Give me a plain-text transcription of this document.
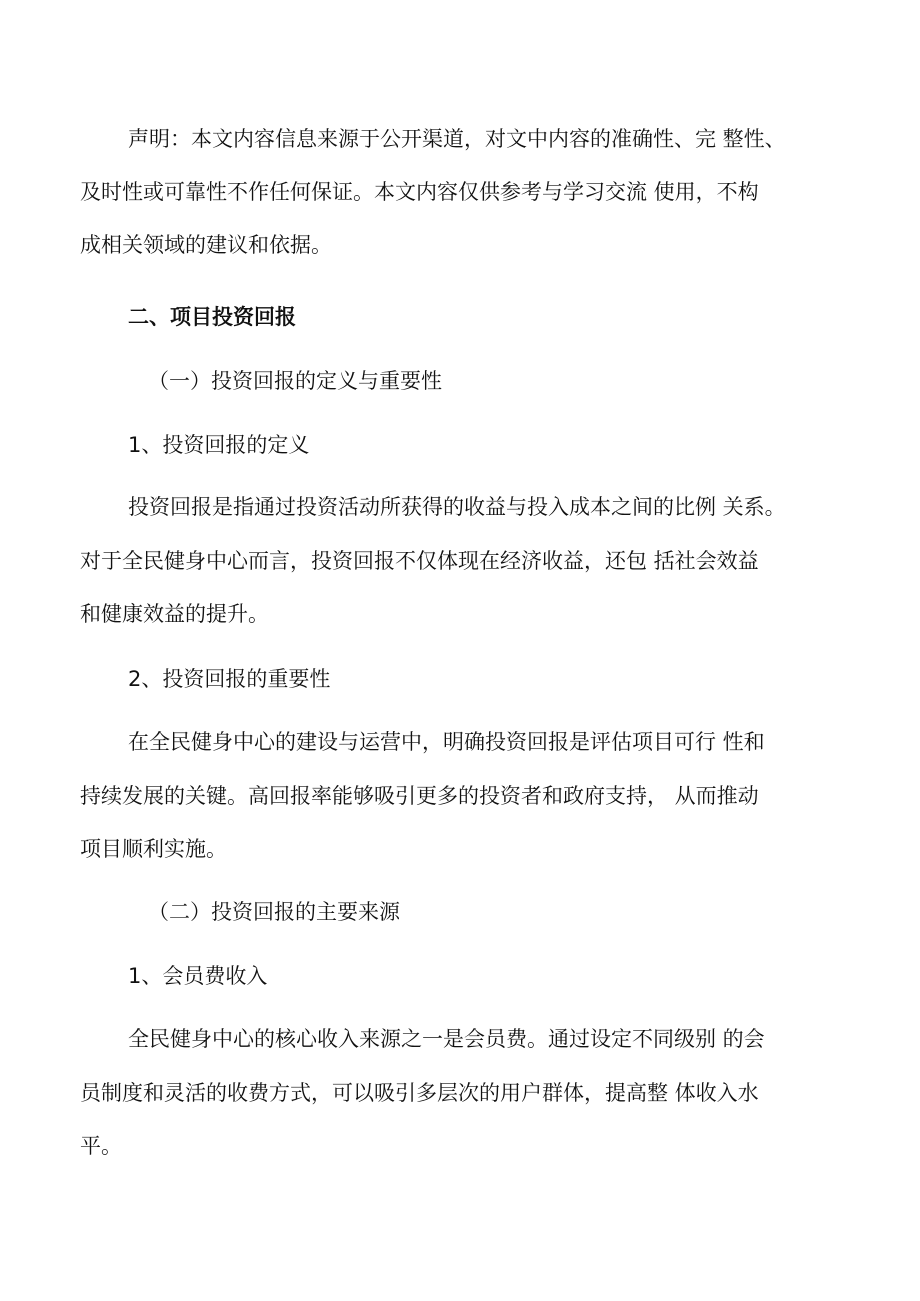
声明：本文内容信息来源于公开渠道，对文中内容的准确性、完 整性、
及时性或可靠性不作任何保证。本文内容仅供参考与学习交流 使用，不构
成相关领域的建议和依据。
二、项目投资回报
（一）投资回报的定义与重要性
1、投资回报的定义
投资回报是指通过投资活动所获得的收益与投入成本之间的比例 关系。
对于全民健身中心而言，投资回报不仅体现在经济收益，还包 括社会效益
和健康效益的提升。
2、投资回报的重要性
在全民健身中心的建设与运营中，明确投资回报是评估项目可行 性和
持续发展的关键。高回报率能够吸引更多的投资者和政府支持， 从而推动
项目顺利实施。
（二）投资回报的主要来源
1、会员费收入
全民健身中心的核心收入来源之一是会员费。通过设定不同级别 的会
员制度和灵活的收费方式，可以吸引多层次的用户群体，提高整 体收入水
平。
